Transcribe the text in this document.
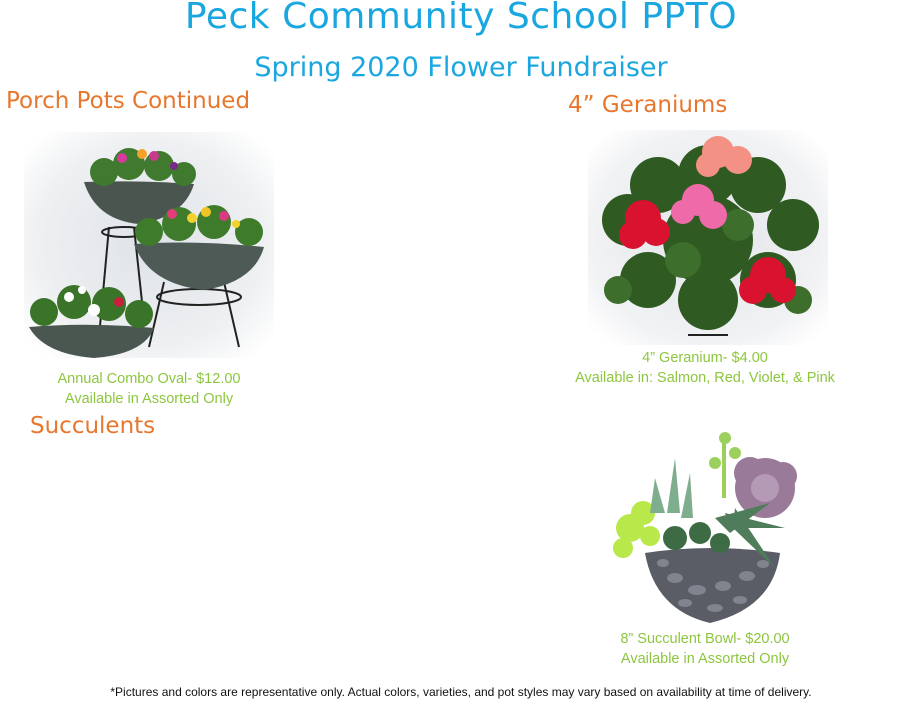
Peck Community School PPTO
Spring 2020 Flower Fundraiser
Porch Pots Continued	4” Geraniums
Succulents
Annual Combo Oval- $12.00
Available in Assorted Only
4” Geranium- $4.00
Available in: Salmon, Red, Violet, & Pink
8” Succulent Bowl- $20.00
Available in Assorted Only
*Pictures and colors are representative only. Actual colors, varieties, and pot styles may vary based on availability at time of delivery.
